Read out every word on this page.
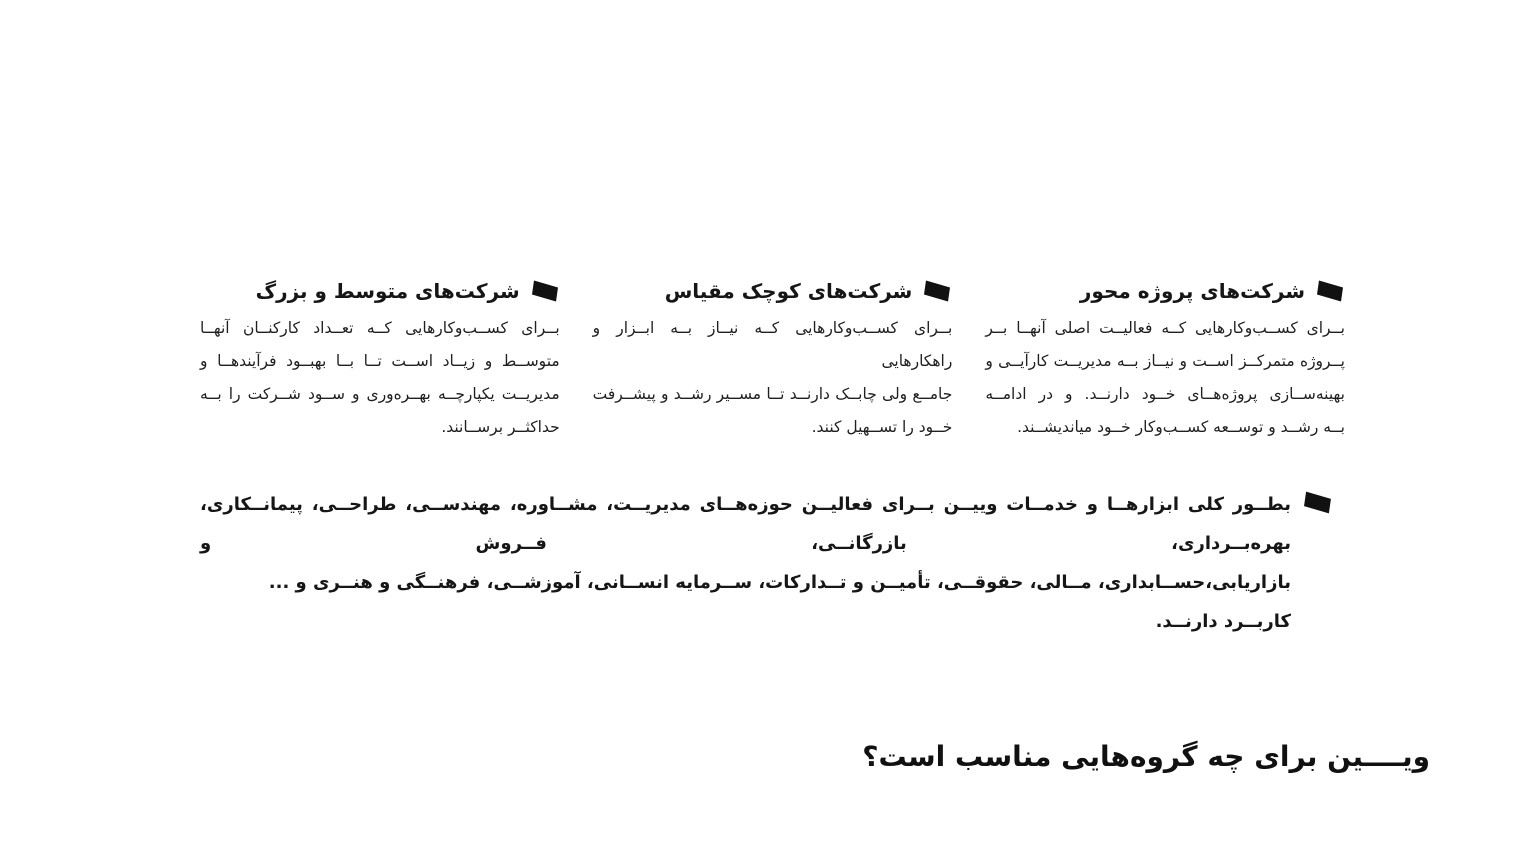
شرکت‌های پروژه محور
بــرای کســب‌وکارهایی کــه فعالیــت اصلی آنهــا بــر
پــروژه متمرکــز اســت و نیــاز بــه مدیریــت کارآیــی و
بهینه‌ســازی پروژه‌هــای خــود دارنــد. و در ادامــه
بــه رشــد و توســعه کســب‌وکار خــود میاندیشــند.
شرکت‌های کوچک مقیاس
بــرای کســب‌وکارهایی کــه نیــاز بــه ابــزار و راهکارهایی
جامــع ولی چابــک دارنــد تــا مســیر رشــد و پیشــرفت
خــود را تســهیل کنند.
شرکت‌های متوسط و بزرگ
بــرای کســب‌وکارهایی کــه تعــداد کارکنــان آنهــا
متوســط و زیــاد اســت تــا بــا بهبــود فرآیندهــا و
مدیریــت یکپارچــه بهــره‌وری و ســود شــرکت را بــه
حداکثــر برســانند.
بطــور کلی ابزارهــا و خدمــات وییــن بــرای فعالیــن حوزه‌هــای مدیریــت، مشــاوره، مهندســی، طراحــی، پیمانــکاری، بهره‌بــرداری، بازرگانــی، فــروش و
بازاریابی،حســابداری، مــالی، حقوقــی، تأمیــن و تــدارکات، ســرمایه انســانی، آموزشــی، فرهنــگی و هنــری و ... کاربــرد دارنــد.
ویــــین برای چه گروه‌هایی مناسب است؟
